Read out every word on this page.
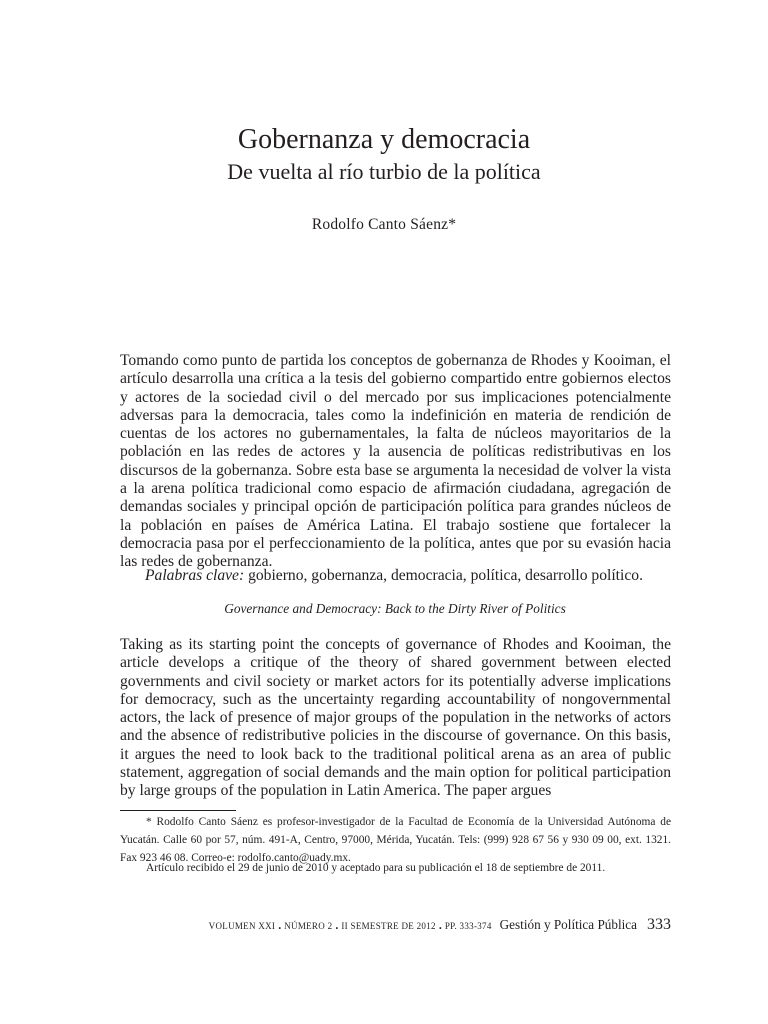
Gobernanza y democracia
De vuelta al río turbio de la política
Rodolfo Canto Sáenz*

Tomando como punto de partida los conceptos de gobernanza de Rhodes y Kooiman, el artículo desarrolla una crítica a la tesis del gobierno compartido entre gobiernos electos y actores de la sociedad civil o del mercado por sus implicaciones potencialmente adversas para la democracia, tales como la indefinición en materia de rendición de cuentas de los actores no gubernamentales, la falta de núcleos mayoritarios de la población en las redes de actores y la ausencia de políticas redistributivas en los discursos de la gobernanza. Sobre esta base se argumenta la necesidad de volver la vista a la arena política tradicional como espacio de afirmación ciudadana, agregación de demandas sociales y principal opción de participación política para grandes núcleos de la población en países de América Latina. El trabajo sostiene que fortalecer la democracia pasa por el perfeccionamiento de la política, antes que por su evasión hacia las redes de gobernanza.

Palabras clave: gobierno, gobernanza, democracia, política, desarrollo político.
Governance and Democracy: Back to the Dirty River of Politics

Taking as its starting point the concepts of governance of Rhodes and Kooiman, the article develops a critique of the theory of shared government between elected governments and civil society or market actors for its potentially adverse implications for democracy, such as the uncertainty regarding accountability of nongovernmental actors, the lack of presence of major groups of the population in the networks of actors and the absence of redistributive policies in the discourse of governance. On this basis, it argues the need to look back to the traditional political arena as an area of public statement, aggregation of social demands and the main option for political participation by large groups of the population in Latin America. The paper argues

* Rodolfo Canto Sáenz es profesor-investigador de la Facultad de Economía de la Universidad Autónoma de Yucatán. Calle 60 por 57, núm. 491-A, Centro, 97000, Mérida, Yucatán. Tels: (999) 928 67 56 y 930 09 00, ext. 1321. Fax 923 46 08. Correo-e: rodolfo.canto@uady.mx.

Artículo recibido el 29 de junio de 2010 y aceptado para su publicación el 18 de septiembre de 2011.

VOLUMEN XXI . NÚMERO 2 . II SEMESTRE DE 2012 . PP. 333-374 Gestión y Política Pública 333
